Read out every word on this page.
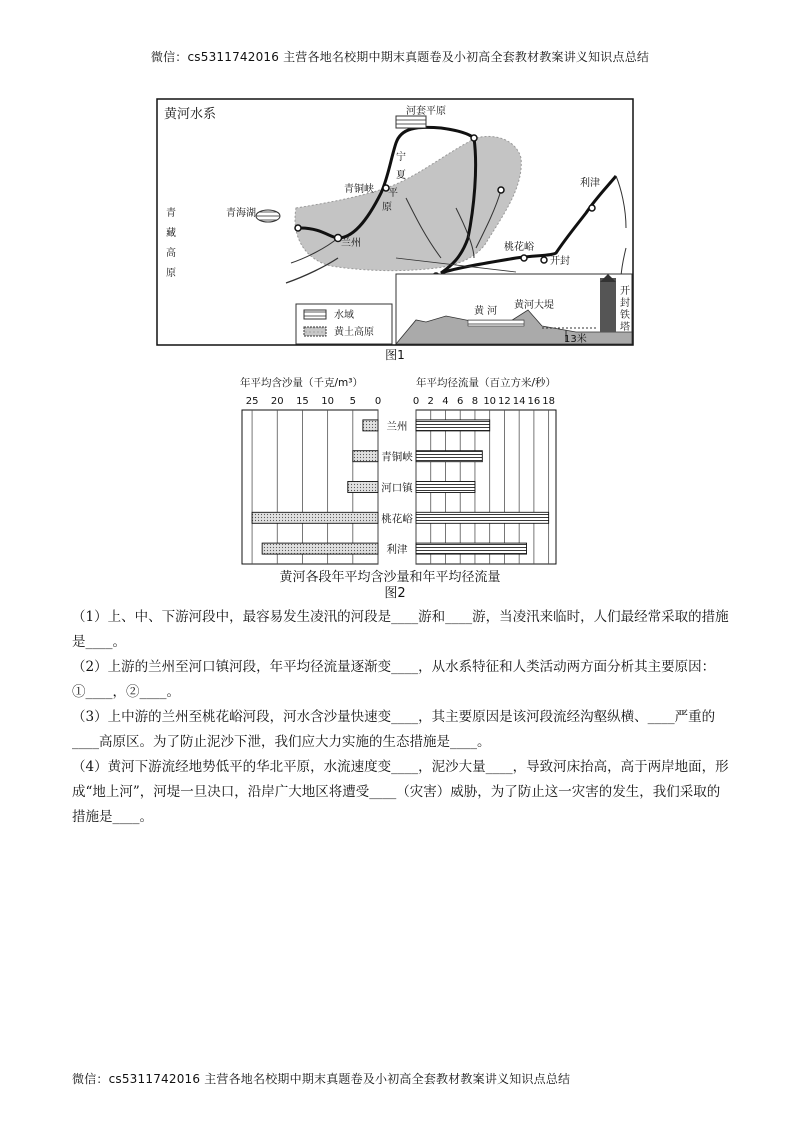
微信：cs5311742016 主营各地名校期中期末真题卷及小初高全套教材教案讲义知识点总结
黄河水系	河套平原
宁
夏
平
原
青铜峡
青海湖
兰州	桃花峪
开封
利津
青
藏
高
原
水域
黄土高原
黄 河
黄河大堤
13米
开
封
铁
塔
图1
年平均含沙量（千克/m³）	年平均径流量（百立方米/秒）
25 20 15 10 5 0	0 2 4 6 8 10 12 14 16 18
兰州
青铜峡
河口镇
桃花峪
利津
黄河各段年平均含沙量和年平均径流量
图2

（1）上、中、下游河段中，最容易发生凌汛的河段是____游和____游，当凌汛来临时，人们最经常采取的措施是____。

（2）上游的兰州至河口镇河段，年平均径流量逐渐变____，从水系特征和人类活动两方面分析其主要原因：①____，②____。

（3）上中游的兰州至桃花峪河段，河水含沙量快速变____，其主要原因是该河段流经沟壑纵横、____严重的____高原区。为了防止泥沙下泄，我们应大力实施的生态措施是____。

（4）黄河下游流经地势低平的华北平原，水流速度变____，泥沙大量____，导致河床抬高，高于两岸地面，形成“地上河”，河堤一旦决口，沿岸广大地区将遭受____（灾害）威胁，为了防止这一灾害的发生，我们采取的措施是____。

微信：cs5311742016 主营各地名校期中期末真题卷及小初高全套教材教案讲义知识点总结
